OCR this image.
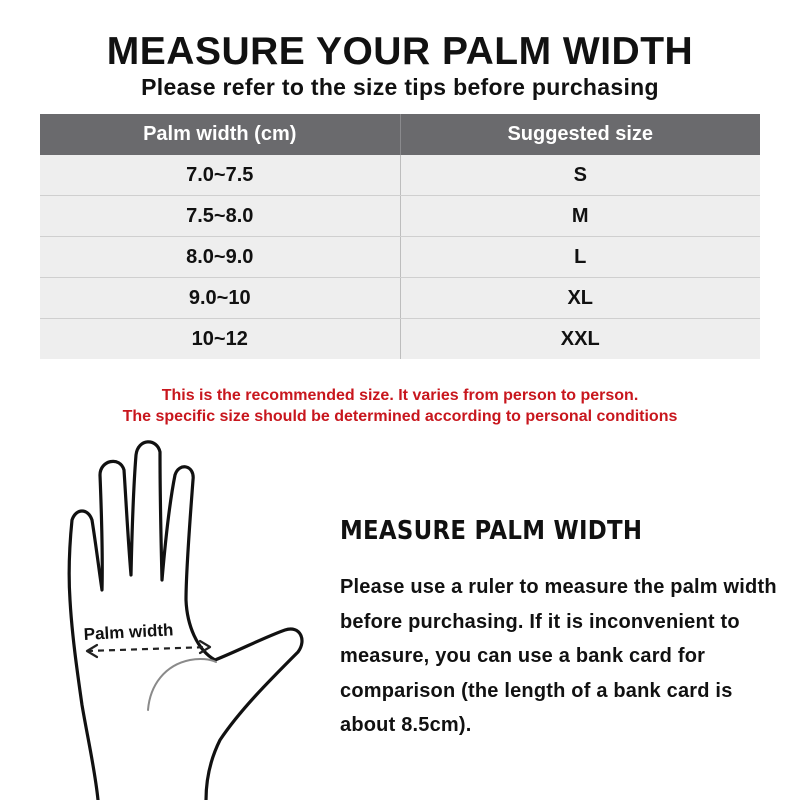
MEASURE YOUR PALM WIDTH
Please refer to the size tips before purchasing
Palm width (cm)	Suggested size
7.0~7.5	S
7.5~8.0	M
8.0~9.0	L
9.0~10	XL
10~12	XXL
This is the recommended size. It varies from person to person.
The specific size should be determined according to personal conditions
Palm width
MEASURE PALM WIDTH
Please use a ruler to measure the palm width before purchasing. If it is inconvenient to measure, you can use a bank card for comparison (the length of a bank card is about 8.5cm).
